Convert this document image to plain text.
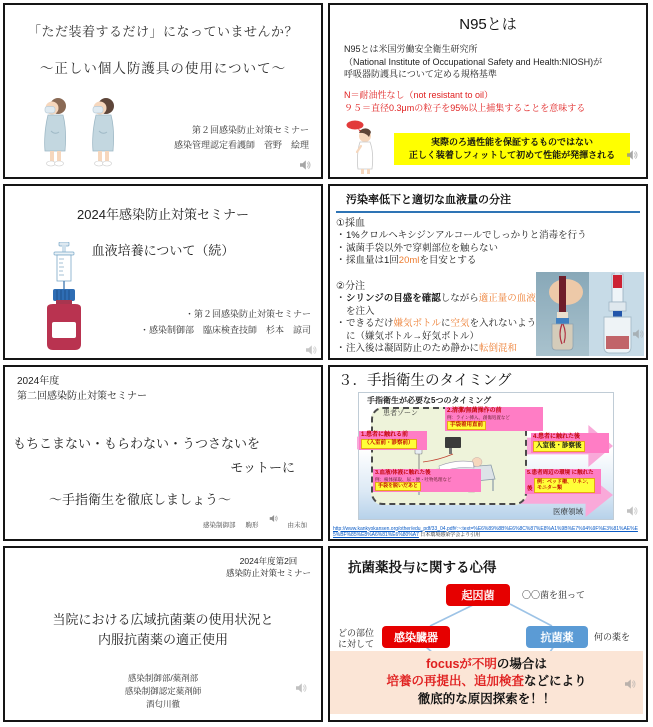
「ただ装着するだけ」になっていませんか？
～正しい個人防護具の使用について～
第２回感染防止対策セミナー
感染管理認定看護師　菅野　絵理
N95とは
N95とは米国労働安全衛生研究所
（National Institute of Occupational Safety and Health:NIOSH)が
呼吸器防護具について定める規格基準
N＝耐油性なし（not resistant to oil）
９５＝直径0.3μmの粒子を95%以上捕集することを意味する
実際のろ過性能を保証するものではない
正しく装着しフィットして初めて性能が発揮される
2024年感染防止対策セミナー
血液培養について（続）
・第２回感染防止対策セミナー
・感染制御部　臨床検査技師　杉本　諒司
汚染率低下と適切な血液量の分注
①採血
・ 1%クロルヘキシジンアルコールでしっかりと消毒を行う
・ 滅菌手袋以外で穿刺部位を触らない
・ 採血量は1回20mlを目安とする
②分注
・ シリンジの目盛を確認しながら適正量の血液を注入
・ できるだけ嫌気ボトルに空気を入れないように（嫌気ボトル→好気ボトル）
・ 注入後は凝固防止のため静かに転倒混和
2024年度
第二回感染防止対策セミナー
もちこまない・もらわない・うつさないを
モットーに
～手指衛生を徹底しましょう～
感染制御部 駒形	由未加
３．手指衛生のタイミング
手指衛生が必要な5つのタイミング
患者ゾーン
1.患者に触れる前 （入室前・診察前）
2.清潔/無菌操作の前
例：ライン挿入、創傷処置など
手袋着用直前
4.患者に触れた後 入室後・診察後
3.血液/体液に触れた後
例：検体採取、尿・便・吐物処理など
手袋を脱いだあと
5.患者周辺の環境 に触れた後
例：ベッド柵、リネン、
モニター類
医療領域
http://www.kankyokansen.org/other/edu_pdf/33_04.pdf#:~:text=%E6%89%8B%E6%8C%87%E8%A1%9B%E7%94%9F%E3%81%AE%E5%BF%85%E8%A6%81%E6%80%A7 日本環境感染学会より引用
2024年度第2回
感染防止対策セミナー
当院における広域抗菌薬の使用状況と
内服抗菌薬の適正使用
感染制御部/薬剤部
感染制御認定薬剤師
酒匂川徹
抗菌薬投与に関する心得
起因菌	〇〇菌を狙って
感染臓器
どの部位
に対して
抗菌薬	何の薬を
focusが不明の場合は
培養の再提出、追加検査などにより
徹底的な原因探索を！！
